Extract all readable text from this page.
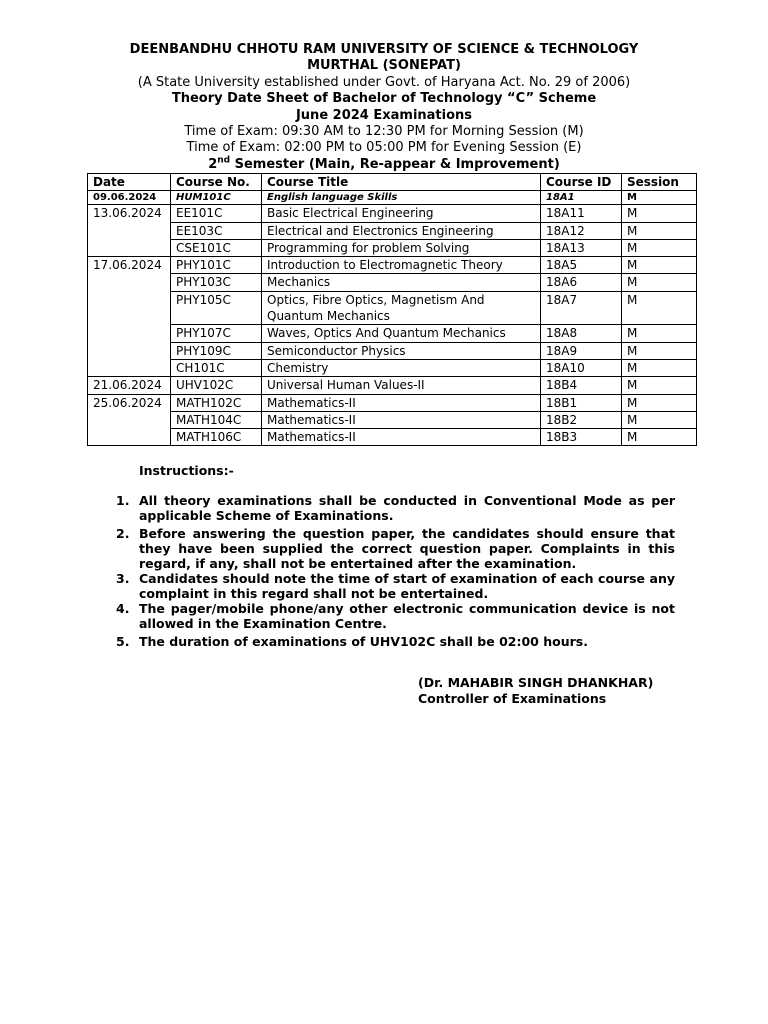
DEENBANDHU CHHOTU RAM UNIVERSITY OF SCIENCE & TECHNOLOGY
MURTHAL (SONEPAT)
(A State University established under Govt. of Haryana Act. No. 29 of 2006)
Theory Date Sheet of Bachelor of Technology “C” Scheme
June 2024 Examinations
Time of Exam: 09:30 AM to 12:30 PM for Morning Session (M)
Time of Exam: 02:00 PM to 05:00 PM for Evening Session (E)
2nd Semester (Main, Re-appear & Improvement)
Date	Course No.	Course Title	Course ID	Session
09.06.2024	HUM101C	English language Skills	18A1	M
13.06.2024	EE101C	Basic Electrical Engineering	18A11	M
	EE103C	Electrical and Electronics Engineering	18A12	M
	CSE101C	Programming for problem Solving	18A13	M
17.06.2024	PHY101C	Introduction to Electromagnetic Theory	18A5	M
	PHY103C	Mechanics	18A6	M
	PHY105C	Optics, Fibre Optics, Magnetism And Quantum Mechanics	18A7	M
	PHY107C	Waves, Optics And Quantum Mechanics	18A8	M
	PHY109C	Semiconductor Physics	18A9	M
	CH101C	Chemistry	18A10	M
21.06.2024	UHV102C	Universal Human Values-II	18B4	M
25.06.2024	MATH102C	Mathematics-II	18B1	M
	MATH104C	Mathematics-II	18B2	M
	MATH106C	Mathematics-II	18B3	M
Instructions:-
1. All theory examinations shall be conducted in Conventional Mode as per applicable Scheme of Examinations.
2. Before answering the question paper, the candidates should ensure that they have been supplied the correct question paper. Complaints in this regard, if any, shall not be entertained after the examination.
3. Candidates should note the time of start of examination of each course any complaint in this regard shall not be entertained.
4. The pager/mobile phone/any other electronic communication device is not allowed in the Examination Centre.
5. The duration of examinations of UHV102C shall be 02:00 hours.
(Dr. MAHABIR SINGH DHANKHAR)
Controller of Examinations
